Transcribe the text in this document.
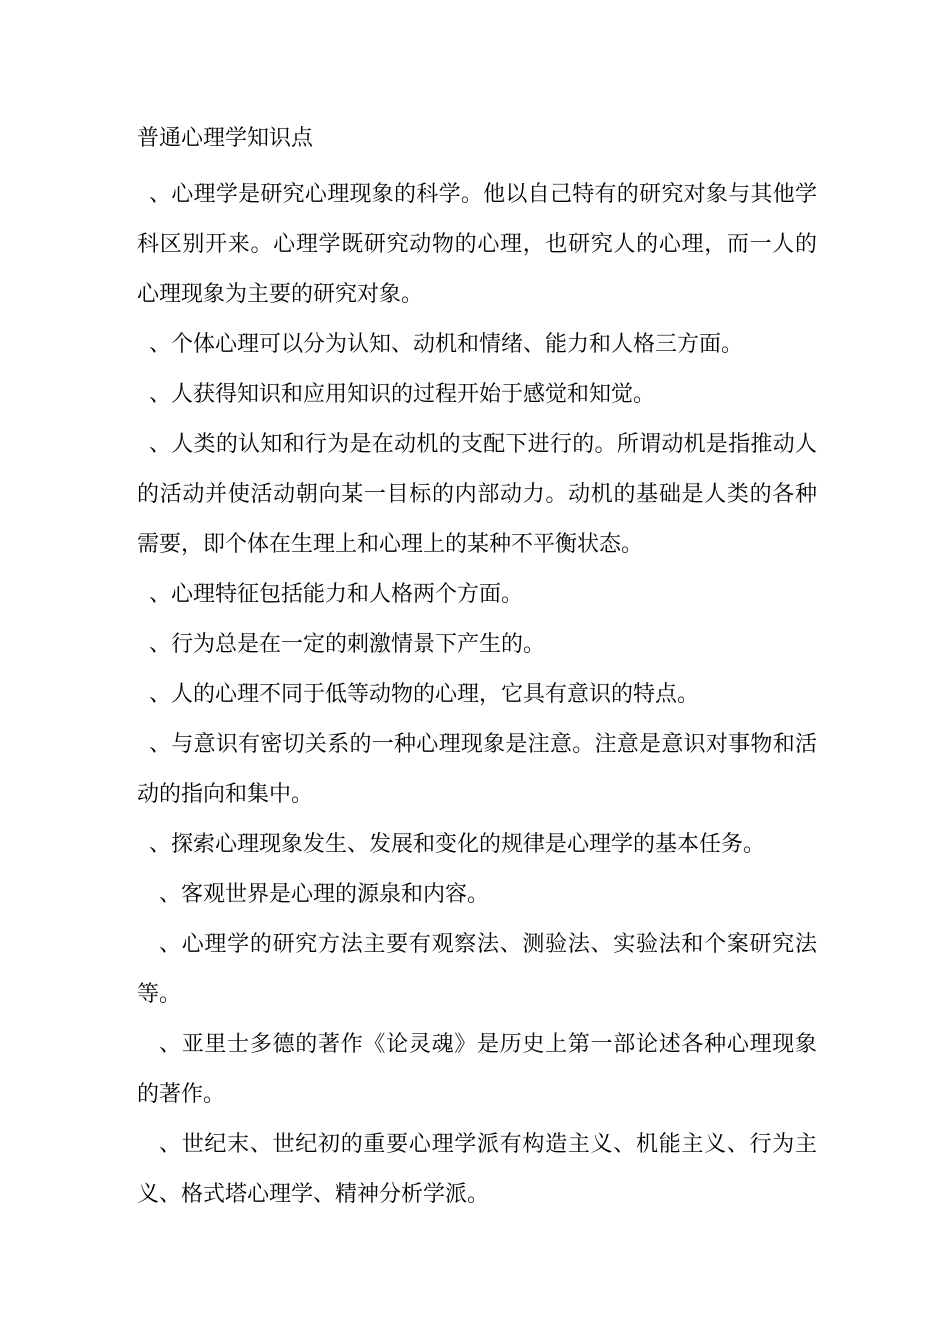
普通心理学知识点

、心理学是研究心理现象的科学。他以自己特有的研究对象与其他学科区别开来。心理学既研究动物的心理，也研究人的心理，而一人的心理现象为主要的研究对象。

、个体心理可以分为认知、动机和情绪、能力和人格三方面。

、人获得知识和应用知识的过程开始于感觉和知觉。

、人类的认知和行为是在动机的支配下进行的。所谓动机是指推动人的活动并使活动朝向某一目标的内部动力。动机的基础是人类的各种需要，即个体在生理上和心理上的某种不平衡状态。

、心理特征包括能力和人格两个方面。

、行为总是在一定的刺激情景下产生的。

、人的心理不同于低等动物的心理，它具有意识的特点。

、与意识有密切关系的一种心理现象是注意。注意是意识对事物和活动的指向和集中。

、探索心理现象发生、发展和变化的规律是心理学的基本任务。

、客观世界是心理的源泉和内容。

、心理学的研究方法主要有观察法、测验法、实验法和个案研究法等。

、亚里士多德的著作《论灵魂》是历史上第一部论述各种心理现象的著作。

、世纪末、世纪初的重要心理学派有构造主义、机能主义、行为主义、格式塔心理学、精神分析学派。
